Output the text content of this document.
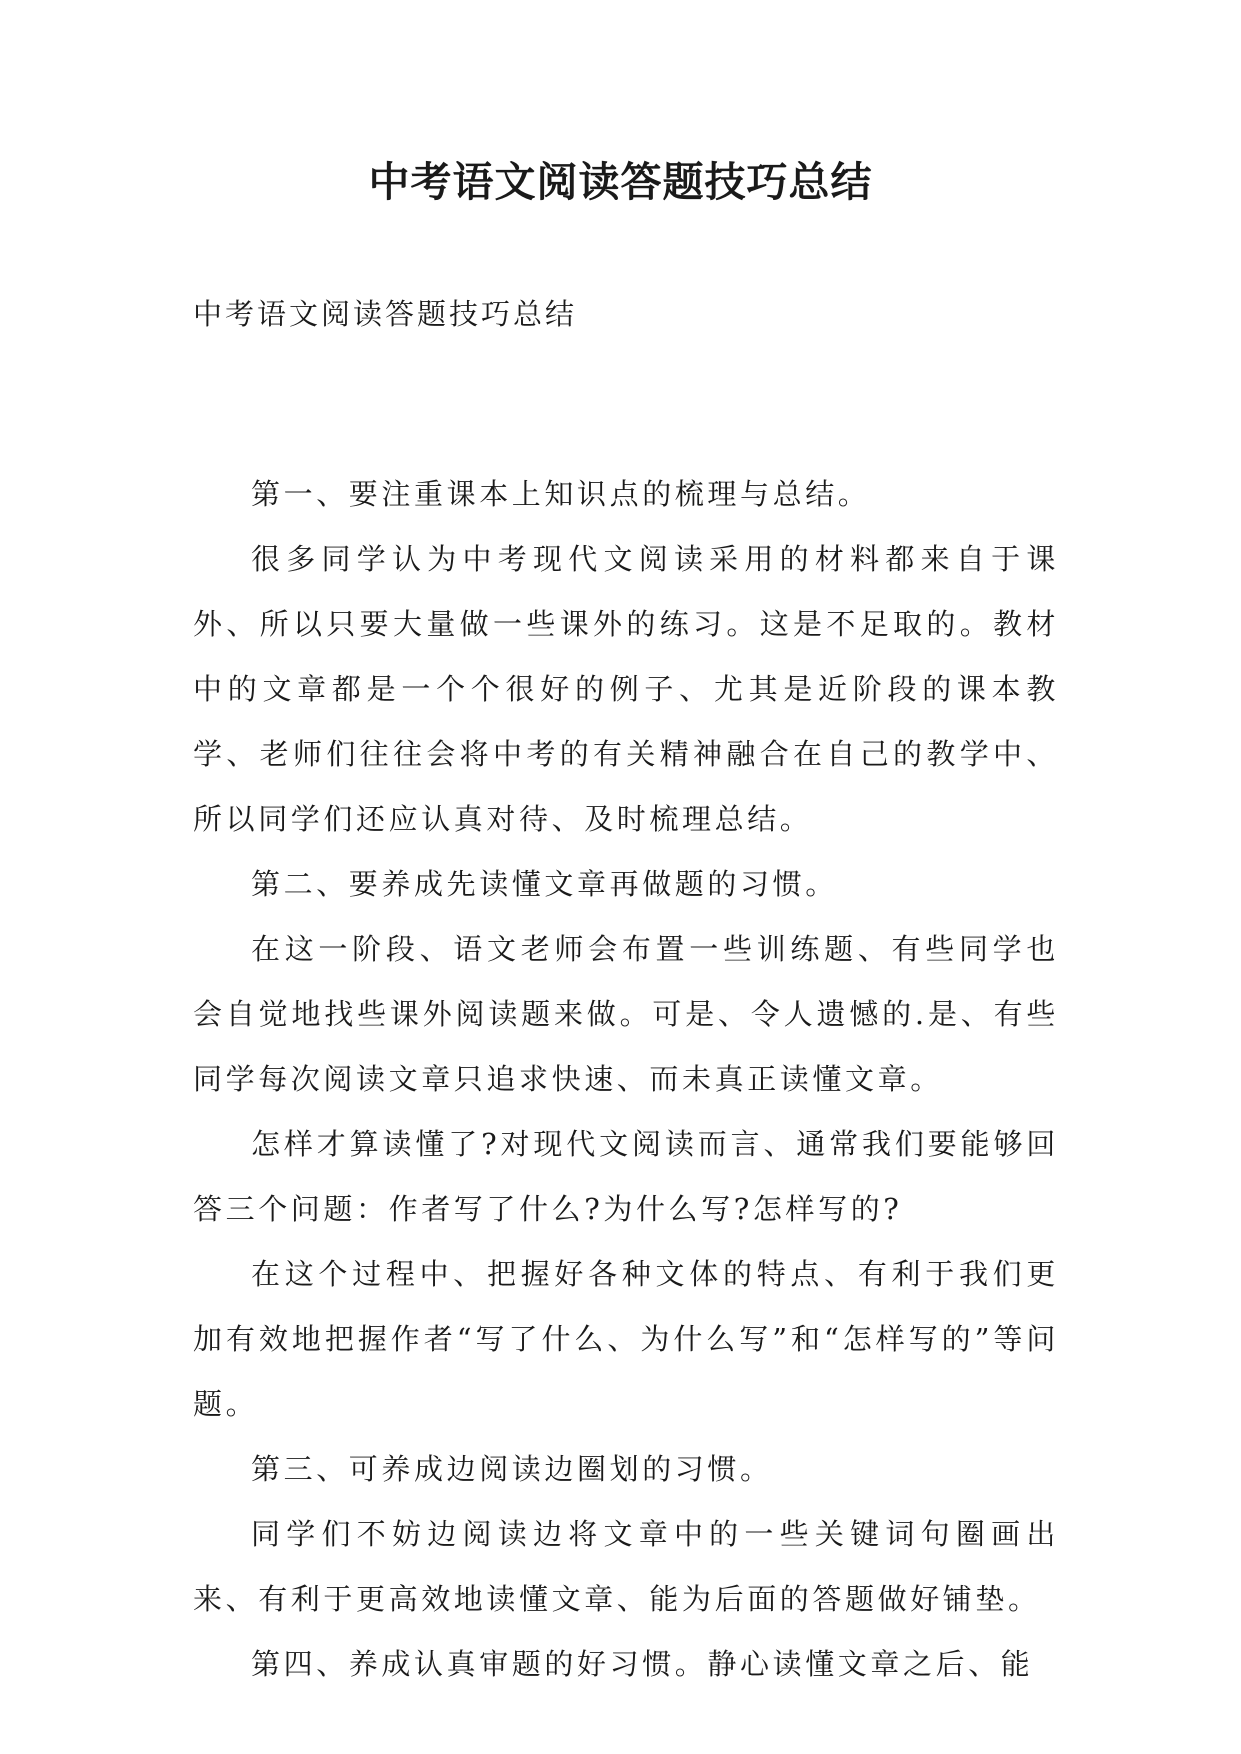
中考语文阅读答题技巧总结

中考语文阅读答题技巧总结

第一、要注重课本上知识点的梳理与总结。

很多同学认为中考现代文阅读采用的材料都来自于课外、所以只要大量做一些课外的练习。这是不足取的。教材中的文章都是一个个很好的例子、尤其是近阶段的课本教学、老师们往往会将中考的有关精神融合在自己的教学中、所以同学们还应认真对待、及时梳理总结。

第二、要养成先读懂文章再做题的习惯。

在这一阶段、语文老师会布置一些训练题、有些同学也会自觉地找些课外阅读题来做。可是、令人遗憾的.是、有些同学每次阅读文章只追求快速、而未真正读懂文章。

怎样才算读懂了?对现代文阅读而言、通常我们要能够回答三个问题：作者写了什么?为什么写?怎样写的?

在这个过程中、把握好各种文体的特点、有利于我们更加有效地把握作者“写了什么、为什么写”和“怎样写的”等问题。

第三、可养成边阅读边圈划的习惯。

同学们不妨边阅读边将文章中的一些关键词句圈画出来、有利于更高效地读懂文章、能为后面的答题做好铺垫。

第四、养成认真审题的好习惯。静心读懂文章之后、能
